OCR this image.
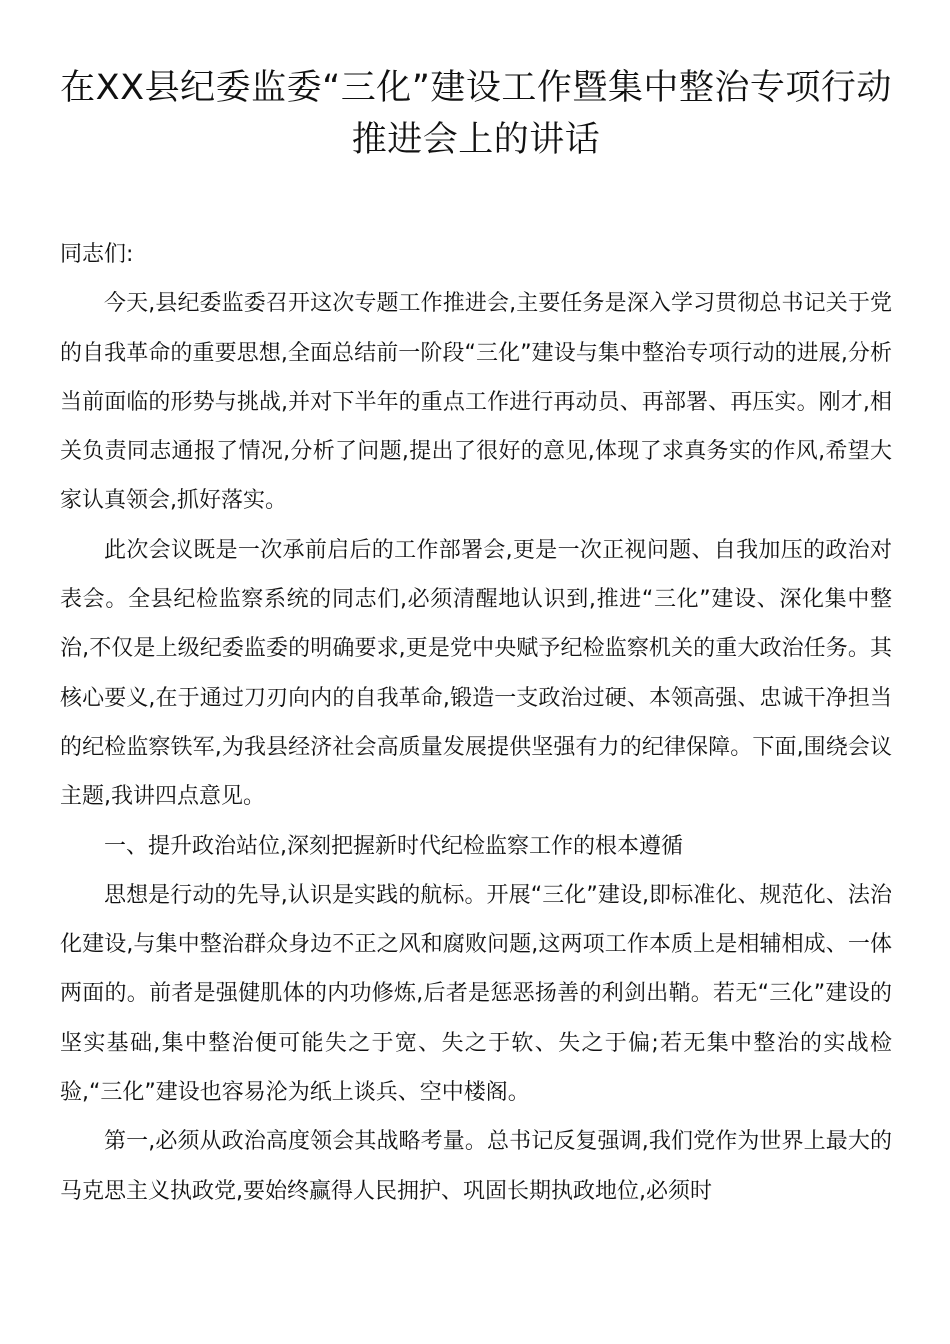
在XX县纪委监委“三化”建设工作暨集中整治专项行动推进会上的讲话

同志们:

今天,县纪委监委召开这次专题工作推进会,主要任务是深入学习贯彻总书记关于党的自我革命的重要思想,全面总结前一阶段“三化”建设与集中整治专项行动的进展,分析当前面临的形势与挑战,并对下半年的重点工作进行再动员、再部署、再压实。刚才,相关负责同志通报了情况,分析了问题,提出了很好的意见,体现了求真务实的作风,希望大家认真领会,抓好落实。

此次会议既是一次承前启后的工作部署会,更是一次正视问题、自我加压的政治对表会。全县纪检监察系统的同志们,必须清醒地认识到,推进“三化”建设、深化集中整治,不仅是上级纪委监委的明确要求,更是党中央赋予纪检监察机关的重大政治任务。其核心要义,在于通过刀刃向内的自我革命,锻造一支政治过硬、本领高强、忠诚干净担当的纪检监察铁军,为我县经济社会高质量发展提供坚强有力的纪律保障。下面,围绕会议主题,我讲四点意见。

一、提升政治站位,深刻把握新时代纪检监察工作的根本遵循

思想是行动的先导,认识是实践的航标。开展“三化”建设,即标准化、规范化、法治化建设,与集中整治群众身边不正之风和腐败问题,这两项工作本质上是相辅相成、一体两面的。前者是强健肌体的内功修炼,后者是惩恶扬善的利剑出鞘。若无“三化”建设的坚实基础,集中整治便可能失之于宽、失之于软、失之于偏;若无集中整治的实战检验,“三化”建设也容易沦为纸上谈兵、空中楼阁。

第一,必须从政治高度领会其战略考量。总书记反复强调,我们党作为世界上最大的马克思主义执政党,要始终赢得人民拥护、巩固长期执政地位,必须时
